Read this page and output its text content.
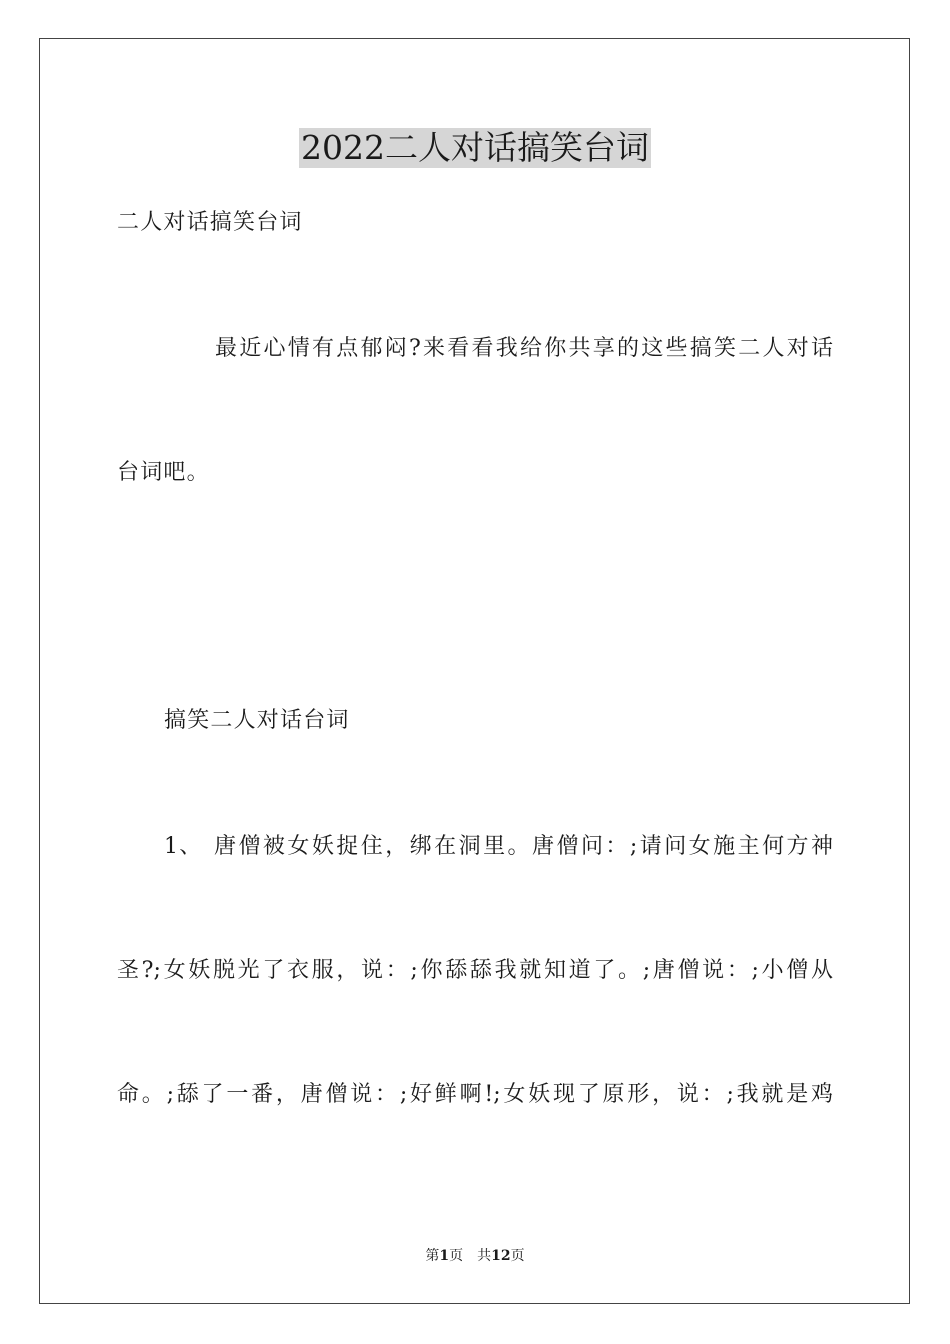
2022二人对话搞笑台词
二人对话搞笑台词
最近心情有点郁闷?来看看我给你共享的这些搞笑二人对话
台词吧。
搞笑二人对话台词
1、 唐僧被女妖捉住，绑在洞里。唐僧问：;请问女施主何方神
圣?;女妖脱光了衣服，说：;你舔舔我就知道了。;唐僧说：;小僧从
命。;舔了一番，唐僧说：;好鲜啊!;女妖现了原形，说：;我就是鸡
第1页 共12页
